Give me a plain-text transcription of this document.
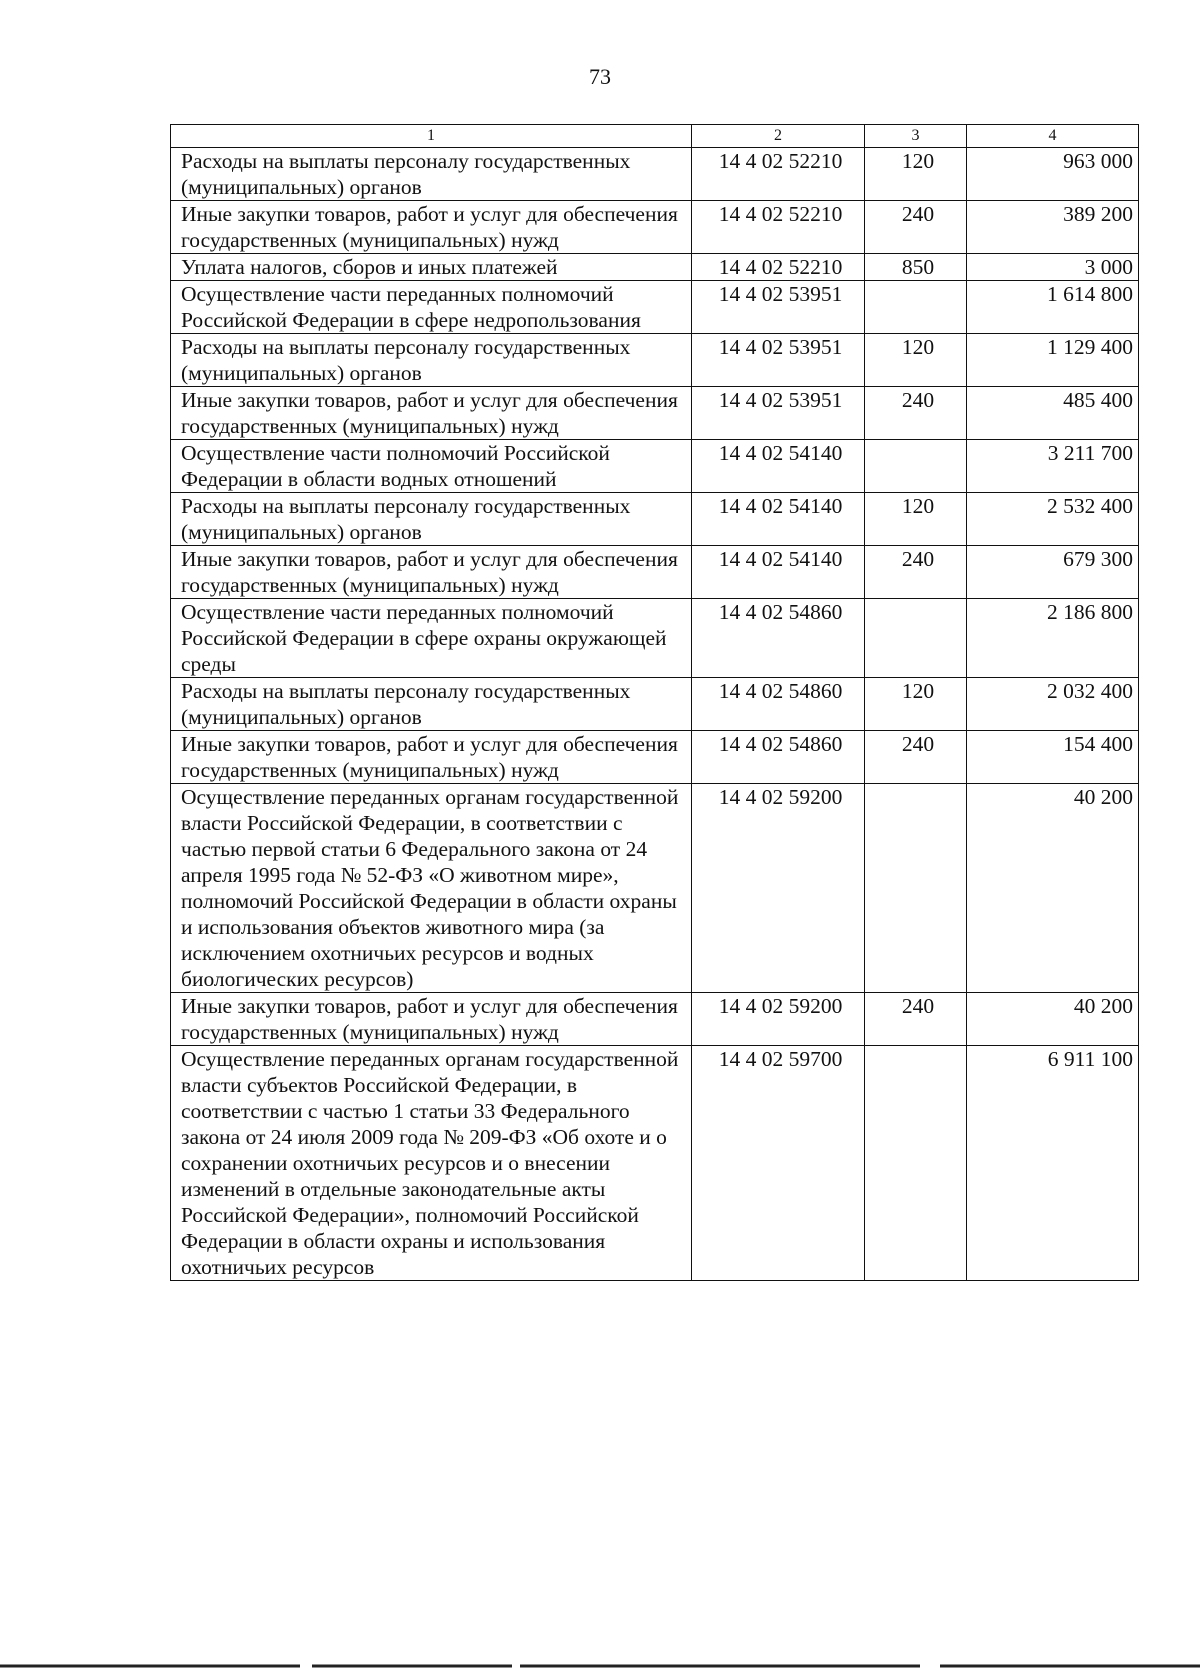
73
1	2	3	4
Расходы на выплаты персоналу государственных (муниципальных) органов	14 4 02 52210	120	963 000
Иные закупки товаров, работ и услуг для обеспечения государственных (муниципальных) нужд	14 4 02 52210	240	389 200
Уплата налогов, сборов и иных платежей	14 4 02 52210	850	3 000
Осуществление части переданных полномочий Российской Федерации в сфере недропользования	14 4 02 53951		1 614 800
Расходы на выплаты персоналу государственных (муниципальных) органов	14 4 02 53951	120	1 129 400
Иные закупки товаров, работ и услуг для обеспечения государственных (муниципальных) нужд	14 4 02 53951	240	485 400
Осуществление части полномочий Российской Федерации в области водных отношений	14 4 02 54140		3 211 700
Расходы на выплаты персоналу государственных (муниципальных) органов	14 4 02 54140	120	2 532 400
Иные закупки товаров, работ и услуг для обеспечения государственных (муниципальных) нужд	14 4 02 54140	240	679 300
Осуществление части переданных полномочий Российской Федерации в сфере охраны окружающей среды	14 4 02 54860		2 186 800
Расходы на выплаты персоналу государственных (муниципальных) органов	14 4 02 54860	120	2 032 400
Иные закупки товаров, работ и услуг для обеспечения государственных (муниципальных) нужд	14 4 02 54860	240	154 400
Осуществление переданных органам государственной власти Российской Федерации, в соответствии с частью первой статьи 6 Федерального закона от 24 апреля 1995 года № 52-ФЗ «О животном мире», полномочий Российской Федерации в области охраны и использования объектов животного мира (за исключением охотничьих ресурсов и водных биологических ресурсов)	14 4 02 59200		40 200
Иные закупки товаров, работ и услуг для обеспечения государственных (муниципальных) нужд	14 4 02 59200	240	40 200
Осуществление переданных органам государственной власти субъектов Российской Федерации, в соответствии с частью 1 статьи 33 Федерального закона от 24 июля 2009 года № 209-ФЗ «Об охоте и о сохранении охотничьих ресурсов и о внесении изменений в отдельные законодательные акты Российской Федерации», полномочий Российской Федерации в области охраны и использования охотничьих ресурсов	14 4 02 59700		6 911 100
